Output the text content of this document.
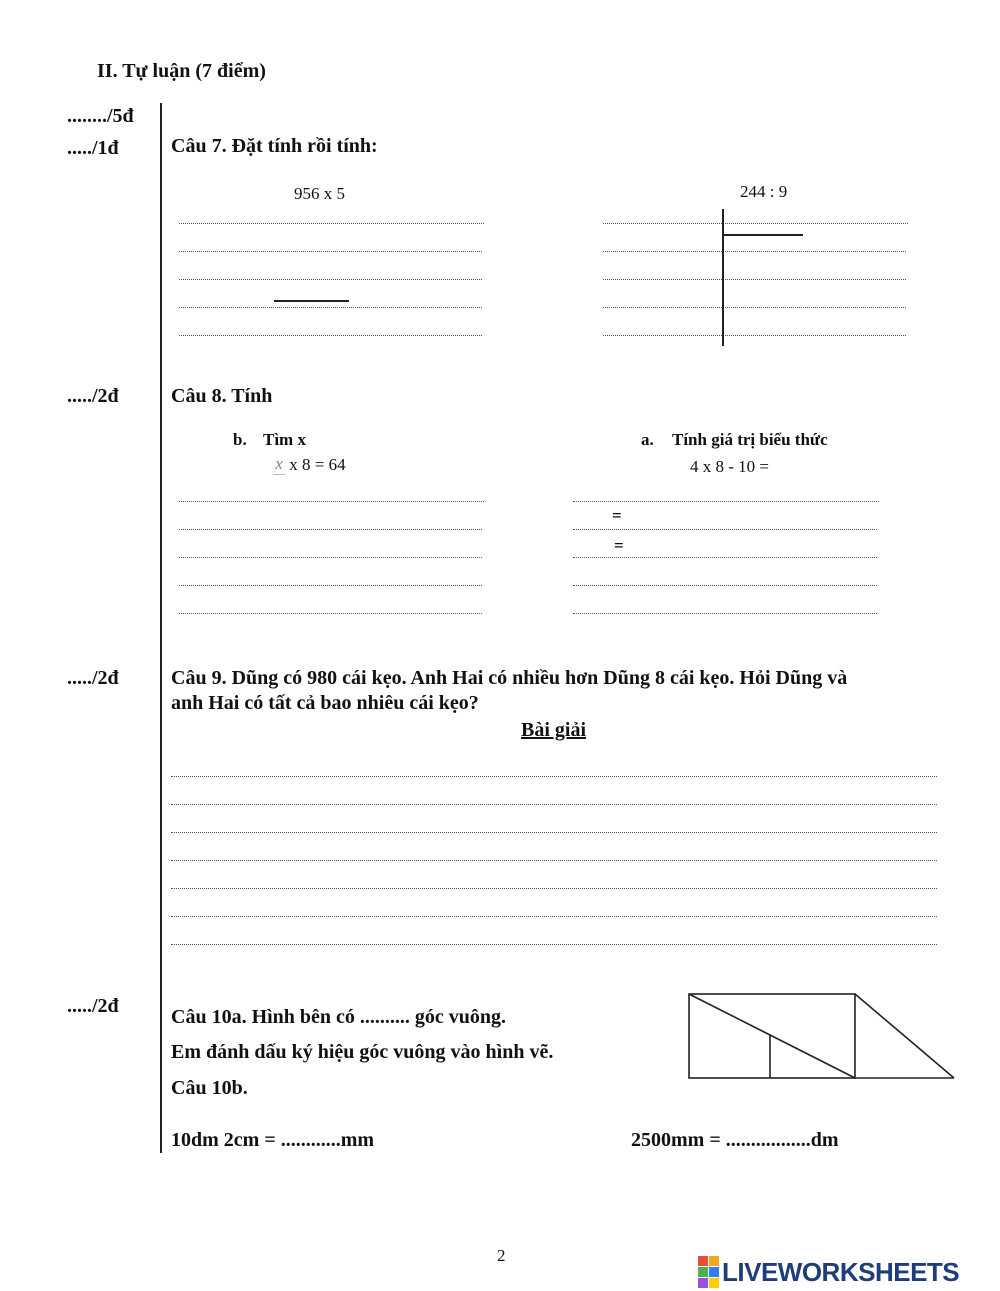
II. Tự luận (7 điểm)
......../5đ
...../1đ
...../2đ
...../2đ
...../2đ
Câu 7. Đặt tính rồi tính:
956 x 5	244 : 9
Câu 8. Tính
b. Tìm x
x x 8 = 64
a. Tính giá trị biểu thức
4 x 8 - 10 =
=
=
Câu 9. Dũng có 980 cái kẹo. Anh Hai có nhiều hơn Dũng 8 cái kẹo. Hỏi Dũng và
anh Hai có tất cả bao nhiêu cái kẹo?
Bài giải
Câu 10a. Hình bên có .......... góc vuông.
Em đánh dấu ký hiệu góc vuông vào hình vẽ.
Câu 10b.
10dm 2cm = ............mm	2500mm = .................dm
2
LIVEWORKSHEETS
